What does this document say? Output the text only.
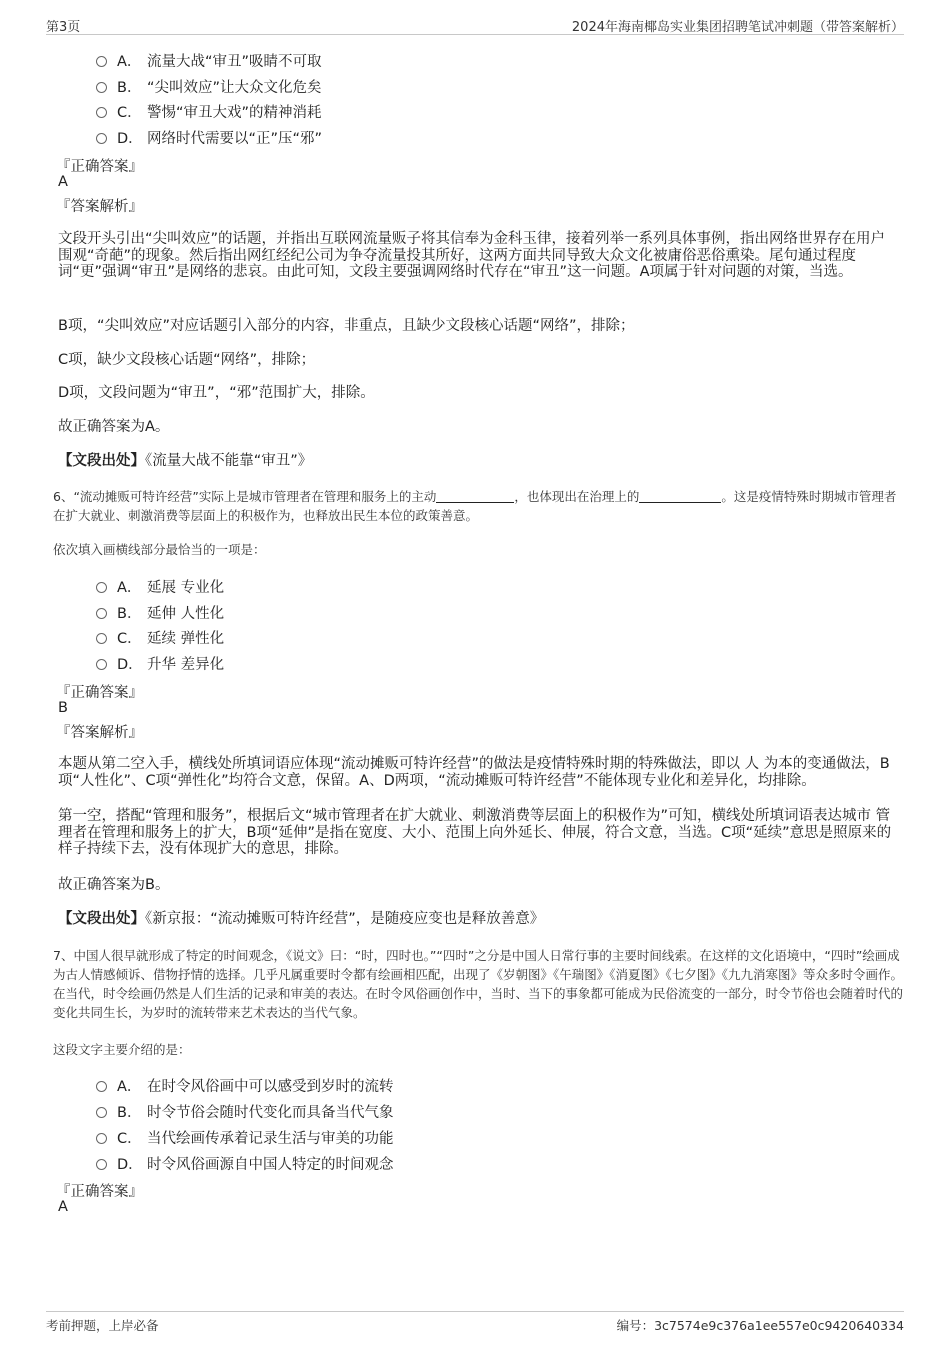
第3页	2024年海南椰岛实业集团招聘笔试冲刺题（带答案解析）
A． 流量大战“审丑”吸睛不可取
B． “尖叫效应”让大众文化危矣
C． 警惕“审丑大戏”的精神消耗
D． 网络时代需要以“正”压“邪”
『正确答案』
A
『答案解析』

文段开头引出“尖叫效应”的话题，并指出互联网流量贩子将其信奉为金科玉律，接着列举一系列具体事例，指出网络世界存在用户围观“奇葩”的现象。然后指出网红经纪公司为争夺流量投其所好，这两方面共同导致大众文化被庸俗恶俗熏染。尾句通过程度词“更”强调“审丑”是网络的悲哀。由此可知，文段主要强调网络时代存在“审丑”这一问题。A项属于针对问题的对策，当选。

B项，“尖叫效应”对应话题引入部分的内容，非重点，且缺少文段核心话题“网络”，排除；

C项，缺少文段核心话题“网络”，排除；

D项，文段问题为“审丑”，“邪”范围扩大，排除。

故正确答案为A。

【文段出处】《流量大战不能靠“审丑”》

6、“流动摊贩可特许经营”实际上是城市管理者在管理和服务上的主动	，也体现出在治理上的	。这是疫情特殊时期城市管理者在扩大就业、刺激消费等层面上的积极作为，也释放出民生本位的政策善意。

依次填入画横线部分最恰当的一项是：

A． 延展 专业化
B． 延伸 人性化
C． 延续 弹性化
D． 升华 差异化
『正确答案』
B
『答案解析』

本题从第二空入手，横线处所填词语应体现“流动摊贩可特许经营”的做法是疫情特殊时期的特殊做法，即以 人 为本的变通做法，B项“人性化”、C项“弹性化”均符合文意，保留。A、D两项，“流动摊贩可特许经营”不能体现专业化和差异化，均排除。

第一空，搭配“管理和服务”，根据后文“城市管理者在扩大就业、刺激消费等层面上的积极作为”可知，横线处所填词语表达城市 管理者在管理和服务上的扩大，B项“延伸”是指在宽度、大小、范围上向外延长、伸展，符合文意，当选。C项“延续”意思是照原来的样子持续下去，没有体现扩大的意思，排除。

故正确答案为B。

【文段出处】《新京报：“流动摊贩可特许经营”，是随疫应变也是释放善意》

7、中国人很早就形成了特定的时间观念，《说文》曰：“时，四时也。”“四时”之分是中国人日常行事的主要时间线索。在这样的文化语境中，“四时”绘画成为古人情感倾诉、借物抒情的选择。几乎凡属重要时令都有绘画相匹配，出现了《岁朝图》《午瑞图》《消夏图》《七夕图》《九九消寒图》等众多时令画作。在当代，时令绘画仍然是人们生活的记录和审美的表达。在时令风俗画创作中，当时、当下的事象都可能成为民俗流变的一部分，时令节俗也会随着时代的变化共同生长，为岁时的流转带来艺术表达的当代气象。

这段文字主要介绍的是：

A． 在时令风俗画中可以感受到岁时的流转
B． 时令节俗会随时代变化而具备当代气象
C． 当代绘画传承着记录生活与审美的功能
D． 时令风俗画源自中国人特定的时间观念
『正确答案』
A
考前押题，上岸必备	编号：3c7574e9c376a1ee557e0c9420640334
